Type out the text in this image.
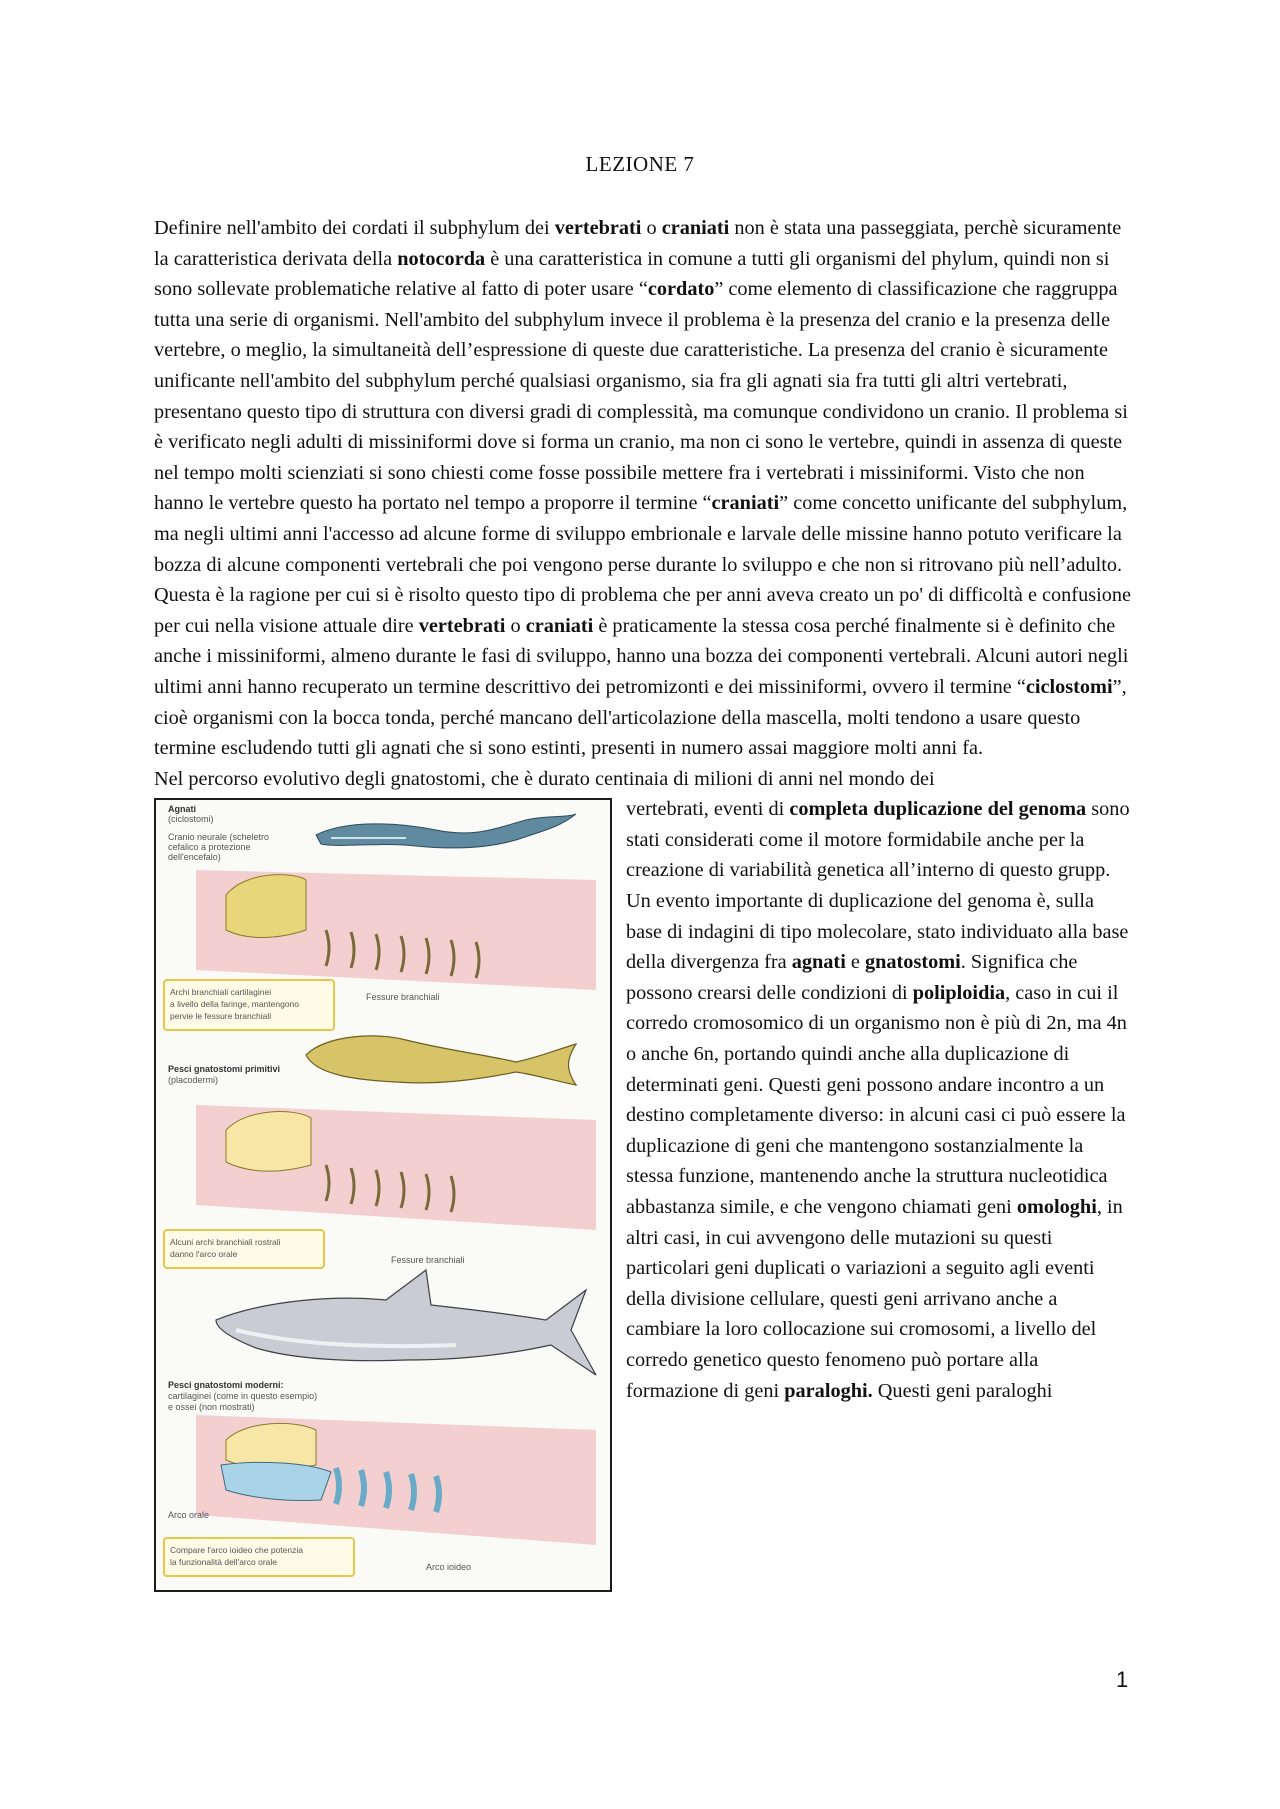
LEZIONE 7

Definire nell'ambito dei cordati il subphylum dei vertebrati o craniati non è stata una passeggiata, perchè sicuramente la caratteristica derivata della notocorda è una caratteristica in comune a tutti gli organismi del phylum, quindi non si sono sollevate problematiche relative al fatto di poter usare “cordato” come elemento di classificazione che raggruppa tutta una serie di organismi. Nell'ambito del subphylum invece il problema è la presenza del cranio e la presenza delle vertebre, o meglio, la simultaneità dell’espressione di queste due caratteristiche. La presenza del cranio è sicuramente unificante nell'ambito del subphylum perché qualsiasi organismo, sia fra gli agnati sia fra tutti gli altri vertebrati, presentano questo tipo di struttura con diversi gradi di complessità, ma comunque condividono un cranio. Il problema si è verificato negli adulti di missiniformi dove si forma un cranio, ma non ci sono le vertebre, quindi in assenza di queste nel tempo molti scienziati si sono chiesti come fosse possibile mettere fra i vertebrati i missiniformi. Visto che non hanno le vertebre questo ha portato nel tempo a proporre il termine “craniati” come concetto unificante del subphylum, ma negli ultimi anni l'accesso ad alcune forme di sviluppo embrionale e larvale delle missine hanno potuto verificare la bozza di alcune componenti vertebrali che poi vengono perse durante lo sviluppo e che non si ritrovano più nell’adulto. Questa è la ragione per cui si è risolto questo tipo di problema che per anni aveva creato un po' di difficoltà e confusione per cui nella visione attuale dire vertebrati o craniati è praticamente la stessa cosa perché finalmente si è definito che anche i missiniformi, almeno durante le fasi di sviluppo, hanno una bozza dei componenti vertebrali. Alcuni autori negli ultimi anni hanno recuperato un termine descrittivo dei petromizonti e dei missiniformi, ovvero il termine “ciclostomi”, cioè organismi con la bocca tonda, perché mancano dell'articolazione della mascella, molti tendono a usare questo termine escludendo tutti gli agnati che si sono estinti, presenti in numero assai maggiore molti anni fa.

Nel percorso evolutivo degli gnatostomi, che è durato centinaia di milioni di anni nel mondo dei

Agnati
(ciclostomi)
Cranio neurale (scheletro
cefalico a protezione
dell'encefalo)
Archi branchiali cartilaginei
a livello della faringe, mantengono
pervie le fessure branchiali
Fessure branchiali
Pesci gnatostomi primitivi
(placodermi)
Alcuni archi branchiali rostrali
danno l'arco orale
Fessure branchiali
Pesci gnatostomi moderni:
cartilaginei (come in questo esempio)
e ossei (non mostrati)
Arco orale
Compare l'arco ioideo che potenzia
la funzionalità dell'arco orale	Arco ioideo

vertebrati, eventi di completa duplicazione del genoma sono stati considerati come il motore formidabile anche per la creazione di variabilità genetica all’interno di questo grupp. Un evento importante di duplicazione del genoma è, sulla base di indagini di tipo molecolare, stato individuato alla base della divergenza fra agnati e gnatostomi. Significa che possono crearsi delle condizioni di poliploidia, caso in cui il corredo cromosomico di un organismo non è più di 2n, ma 4n o anche 6n, portando quindi anche alla duplicazione di determinati geni. Questi geni possono andare incontro a un destino completamente diverso: in alcuni casi ci può essere la duplicazione di geni che mantengono sostanzialmente la stessa funzione, mantenendo anche la struttura nucleotidica abbastanza simile, e che vengono chiamati geni omologhi, in altri casi, in cui avvengono delle mutazioni su questi particolari geni duplicati o variazioni a seguito agli eventi della divisione cellulare, questi geni arrivano anche a cambiare la loro collocazione sui cromosomi, a livello del corredo genetico questo fenomeno può portare alla formazione di geni paraloghi. Questi geni paraloghi

1
